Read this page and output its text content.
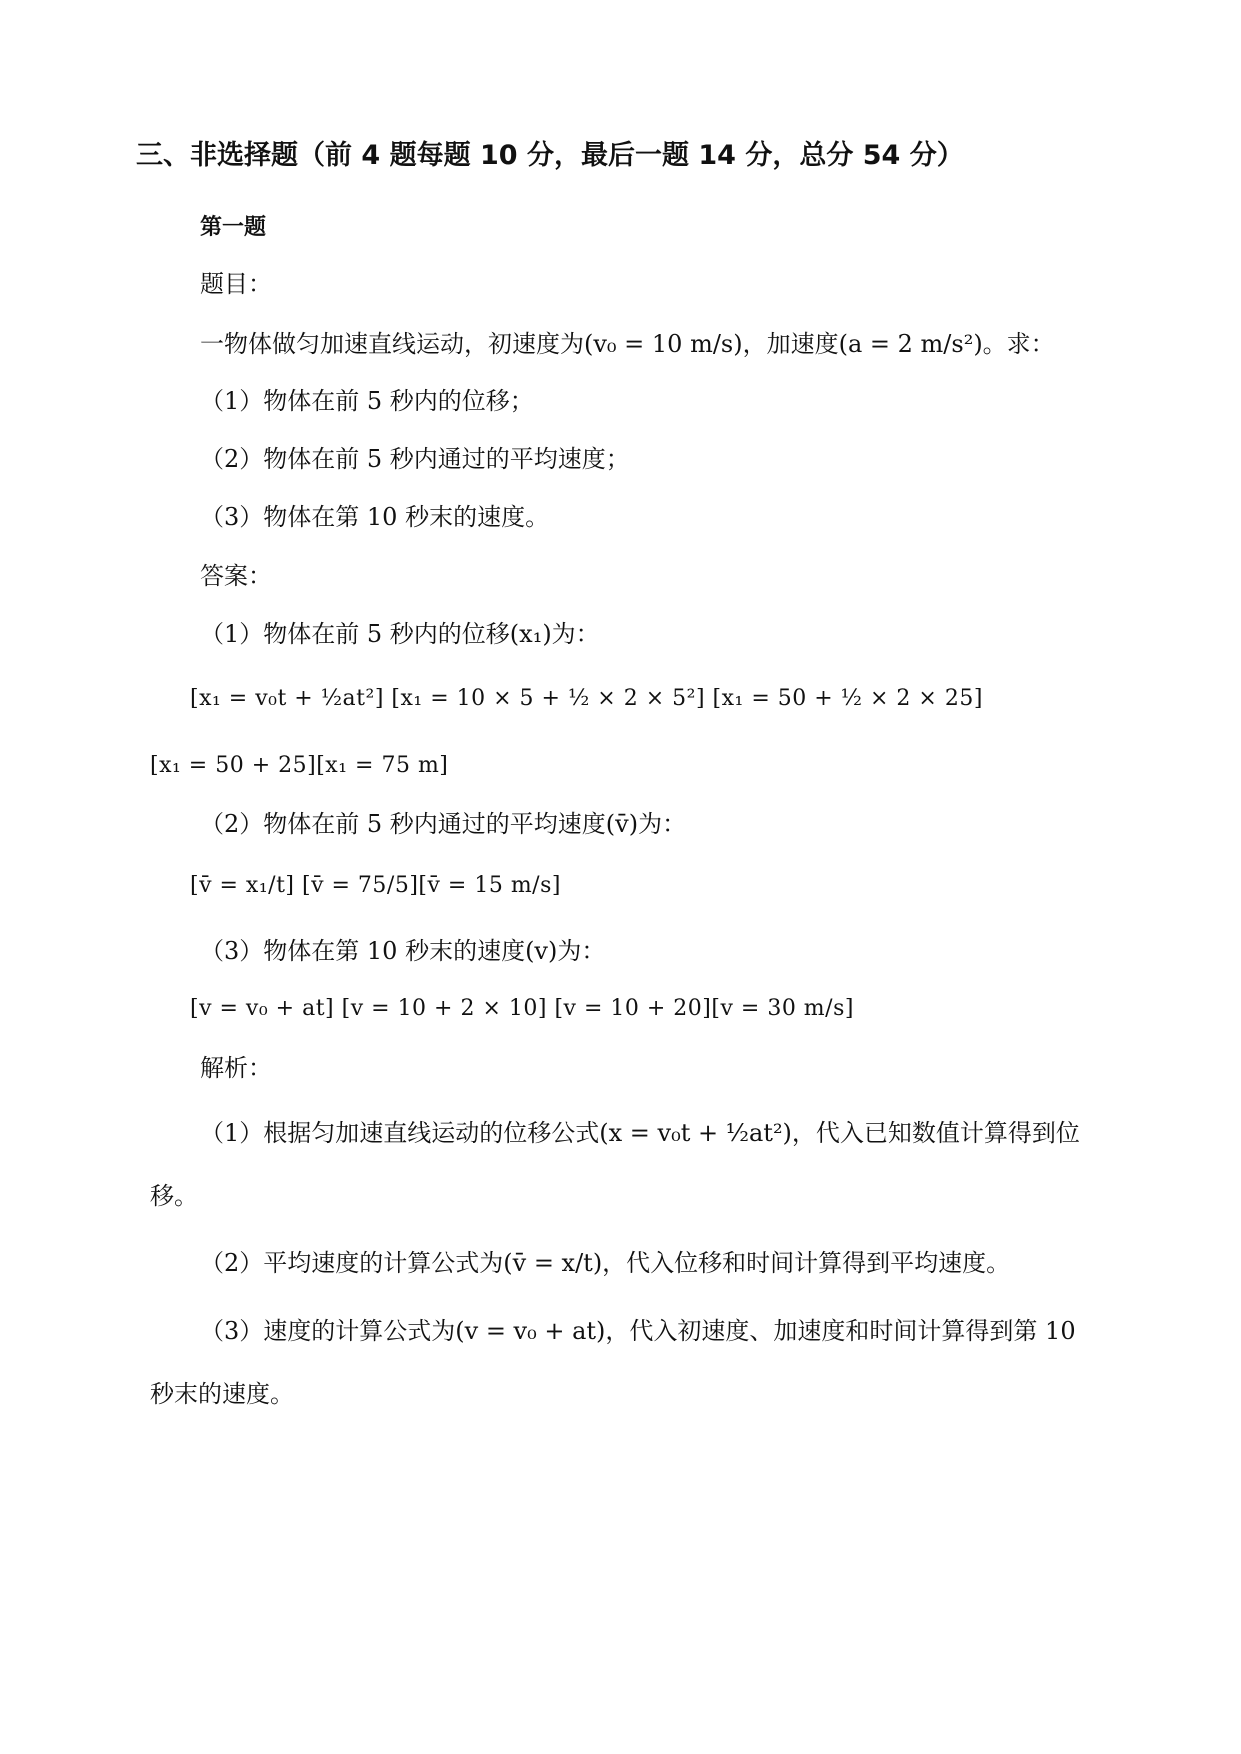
三、非选择题（前 4 题每题 10 分，最后一题 14 分，总分 54 分）
第一题
题目：
一物体做匀加速直线运动，初速度为(v₀ = 10 m/s)，加速度(a = 2 m/s²)。求：
（1）物体在前 5 秒内的位移；
（2）物体在前 5 秒内通过的平均速度；
（3）物体在第 10 秒末的速度。
答案：
（1）物体在前 5 秒内的位移(x₁)为：
[x₁ = v₀t + ½at²] [x₁ = 10 × 5 + ½ × 2 × 5²] [x₁ = 50 + ½ × 2 × 25]
[x₁ = 50 + 25][x₁ = 75 m]
（2）物体在前 5 秒内通过的平均速度(v̄)为：
[v̄ = x₁/t] [v̄ = 75/5][v̄ = 15 m/s]
（3）物体在第 10 秒末的速度(v)为：
[v = v₀ + at] [v = 10 + 2 × 10] [v = 10 + 20][v = 30 m/s]
解析：
（1）根据匀加速直线运动的位移公式(x = v₀t + ½at²)，代入已知数值计算得到位
移。
（2）平均速度的计算公式为(v̄ = x/t)，代入位移和时间计算得到平均速度。
（3）速度的计算公式为(v = v₀ + at)，代入初速度、加速度和时间计算得到第 10
秒末的速度。
